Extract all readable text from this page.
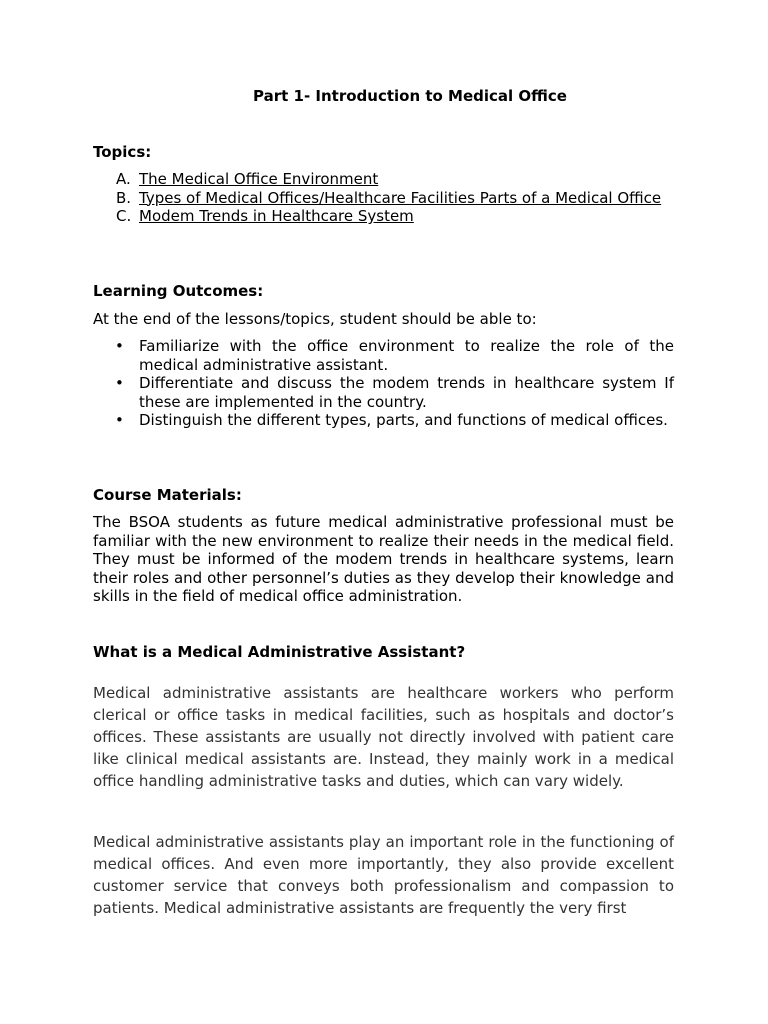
Part 1- Introduction to Medical Office
Topics:
A. The Medical Office Environment
B. Types of Medical Offices/Healthcare Facilities Parts of a Medical Office
C. Modem Trends in Healthcare System
Learning Outcomes:

At the end of the lessons/topics, student should be able to:

• Familiarize with the office environment to realize the role of the medical administrative assistant.
• Differentiate and discuss the modem trends in healthcare system If these are implemented in the country.
• Distinguish the different types, parts, and functions of medical offices.
Course Materials:

The BSOA students as future medical administrative professional must be familiar with the new environment to realize their needs in the medical field. They must be informed of the modem trends in healthcare systems, learn their roles and other personnel’s duties as they develop their knowledge and skills in the field of medical office administration.

What is a Medical Administrative Assistant?

Medical administrative assistants are healthcare workers who perform clerical or office tasks in medical facilities, such as hospitals and doctor’s offices. These assistants are usually not directly involved with patient care like clinical medical assistants are. Instead, they mainly work in a medical office handling administrative tasks and duties, which can vary widely.

Medical administrative assistants play an important role in the functioning of medical offices. And even more importantly, they also provide excellent customer service that conveys both professionalism and compassion to patients. Medical administrative assistants are frequently the very first
